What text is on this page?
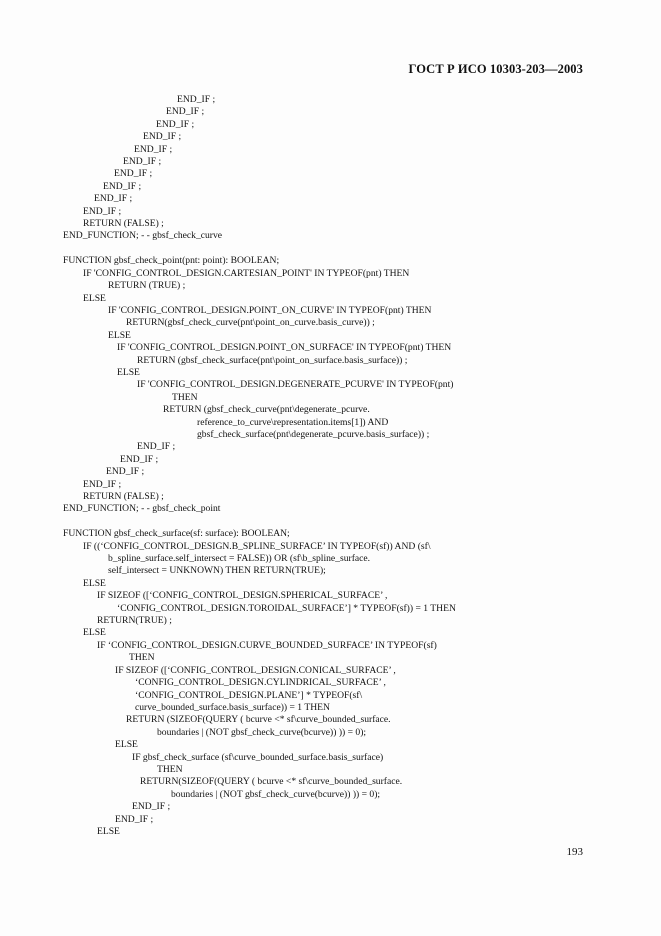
ГОСТ Р ИСО 10303-203—2003
END_IF ;
END_IF ;
END_IF ;
END_IF ;
END_IF ;
END_IF ;
END_IF ;
END_IF ;
END_IF ;
END_IF ;
RETURN (FALSE) ;
END_FUNCTION; - - gbsf_check_curve
FUNCTION gbsf_check_point(pnt: point): BOOLEAN;
IF 'CONFIG_CONTROL_DESIGN.CARTESIAN_POINT' IN TYPEOF(pnt) THEN
RETURN (TRUE) ;
ELSE
IF 'CONFIG_CONTROL_DESIGN.POINT_ON_CURVE' IN TYPEOF(pnt) THEN
RETURN(gbsf_check_curve(pnt\point_on_curve.basis_curve)) ;
ELSE
IF 'CONFIG_CONTROL_DESIGN.POINT_ON_SURFACE' IN TYPEOF(pnt) THEN
RETURN (gbsf_check_surface(pnt\point_on_surface.basis_surface)) ;
ELSE
IF 'CONFIG_CONTROL_DESIGN.DEGENERATE_PCURVE' IN TYPEOF(pnt)
THEN
RETURN (gbsf_check_curve(pnt\degenerate_pcurve.
reference_to_curve\representation.items[1]) AND
gbsf_check_surface(pnt\degenerate_pcurve.basis_surface)) ;
END_IF ;
END_IF ;
END_IF ;
END_IF ;
RETURN (FALSE) ;
END_FUNCTION; - - gbsf_check_point
FUNCTION gbsf_check_surface(sf: surface): BOOLEAN;
IF ((‘CONFIG_CONTROL_DESIGN.B_SPLINE_SURFACE’ IN TYPEOF(sf)) AND (sf\
b_spline_surface.self_intersect = FALSE)) OR (sf\b_spline_surface.
self_intersect = UNKNOWN) THEN RETURN(TRUE);
ELSE
IF SIZEOF ([‘CONFIG_CONTROL_DESIGN.SPHERICAL_SURFACE’ ,
‘CONFIG_CONTROL_DESIGN.TOROIDAL_SURFACE’] * TYPEOF(sf)) = 1 THEN
RETURN(TRUE) ;
ELSE
IF ‘CONFIG_CONTROL_DESIGN.CURVE_BOUNDED_SURFACE’ IN TYPEOF(sf)
THEN
IF SIZEOF ([‘CONFIG_CONTROL_DESIGN.CONICAL_SURFACE’ ,
‘CONFIG_CONTROL_DESIGN.CYLINDRICAL_SURFACE’ ,
‘CONFIG_CONTROL_DESIGN.PLANE’] * TYPEOF(sf\
curve_bounded_surface.basis_surface)) = 1 THEN
RETURN (SIZEOF(QUERY ( bcurve <* sf\curve_bounded_surface.
boundaries | (NOT gbsf_check_curve(bcurve)) )) = 0);
ELSE
IF gbsf_check_surface (sf\curve_bounded_surface.basis_surface)
THEN
RETURN(SIZEOF(QUERY ( bcurve <* sf\curve_bounded_surface.
boundaries | (NOT gbsf_check_curve(bcurve)) )) = 0);
END_IF ;
END_IF ;
ELSE
193
